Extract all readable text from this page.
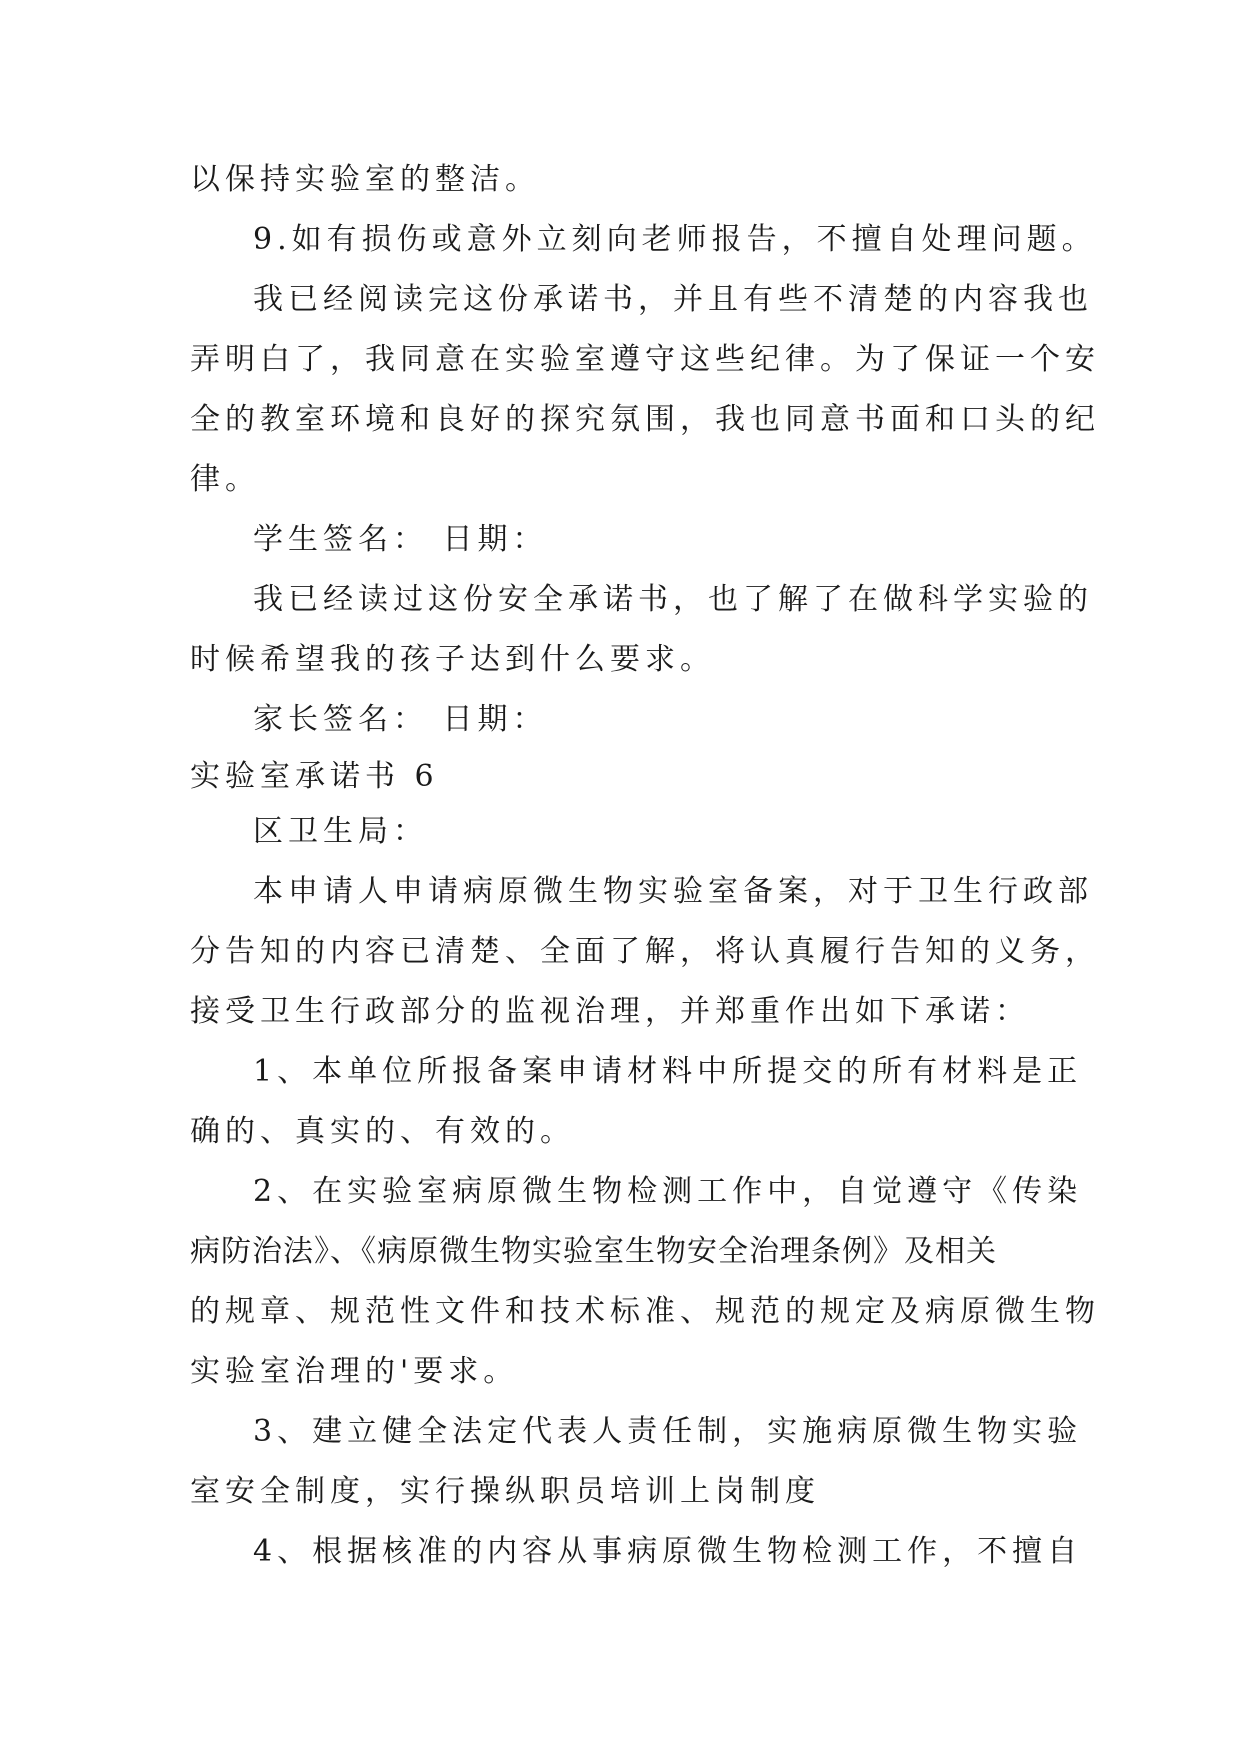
以保持实验室的整洁。
9.如有损伤或意外立刻向老师报告，不擅自处理问题。
我已经阅读完这份承诺书，并且有些不清楚的内容我也
弄明白了，我同意在实验室遵守这些纪律。为了保证一个安
全的教室环境和良好的探究氛围，我也同意书面和口头的纪
律。
学生签名： 日期：
我已经读过这份安全承诺书，也了解了在做科学实验的
时候希望我的孩子达到什么要求。
家长签名： 日期：
实验室承诺书 6
区卫生局：
本申请人申请病原微生物实验室备案，对于卫生行政部
分告知的内容已清楚、全面了解，将认真履行告知的义务，
接受卫生行政部分的监视治理，并郑重作出如下承诺：
1、本单位所报备案申请材料中所提交的所有材料是正
确的、真实的、有效的。
2、在实验室病原微生物检测工作中，自觉遵守《传染
病防治法》、《病原微生物实验室生物安全治理条例》及相关
的规章、规范性文件和技术标准、规范的规定及病原微生物
实验室治理的'要求。
3、建立健全法定代表人责任制，实施病原微生物实验
室安全制度，实行操纵职员培训上岗制度
4、根据核准的内容从事病原微生物检测工作，不擅自
